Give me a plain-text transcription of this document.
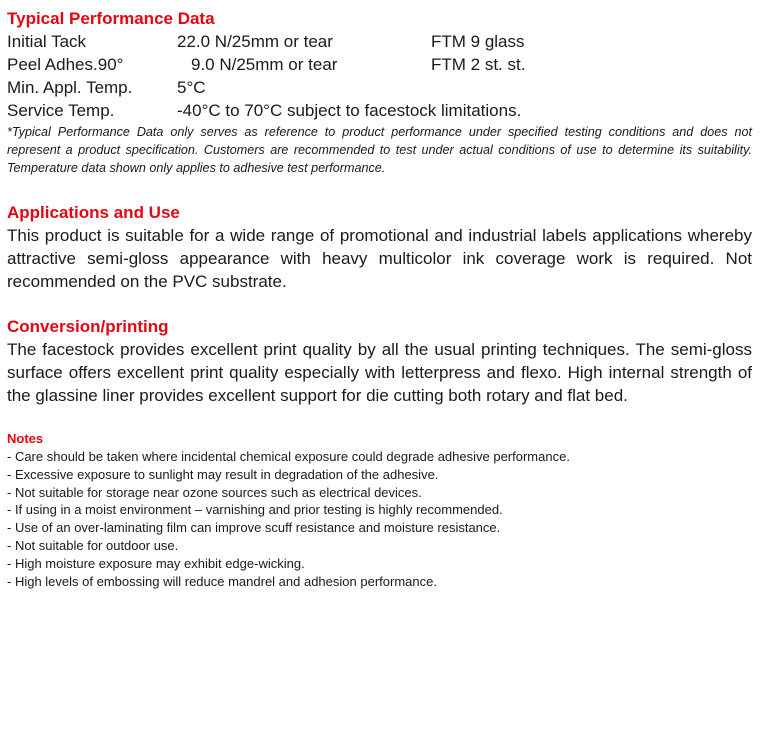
Typical Performance Data
Initial Tack	22.0 N/25mm or tear	FTM 9 glass
Peel Adhes.90°	9.0 N/25mm or tear	FTM 2 st. st.
Min. Appl. Temp.	5°C
Service Temp.	-40°C to 70°C subject to facestock limitations.

*Typical Performance Data only serves as reference to product performance under specified testing conditions and does not represent a product specification. Customers are recommended to test under actual conditions of use to determine its suitability. Temperature data shown only applies to adhesive test performance.

Applications and Use

This product is suitable for a wide range of promotional and industrial labels applications whereby attractive semi-gloss appearance with heavy multicolor ink coverage work is required. Not recommended on the PVC substrate.

Conversion/printing

The facestock provides excellent print quality by all the usual printing techniques. The semi-gloss surface offers excellent print quality especially with letterpress and flexo. High internal strength of the glassine liner provides excellent support for die cutting both rotary and flat bed.

Notes
- Care should be taken where incidental chemical exposure could degrade adhesive performance.
- Excessive exposure to sunlight may result in degradation of the adhesive.
- Not suitable for storage near ozone sources such as electrical devices.
- If using in a moist environment – varnishing and prior testing is highly recommended.
- Use of an over-laminating film can improve scuff resistance and moisture resistance.
- Not suitable for outdoor use.
- High moisture exposure may exhibit edge-wicking.
- High levels of embossing will reduce mandrel and adhesion performance.
